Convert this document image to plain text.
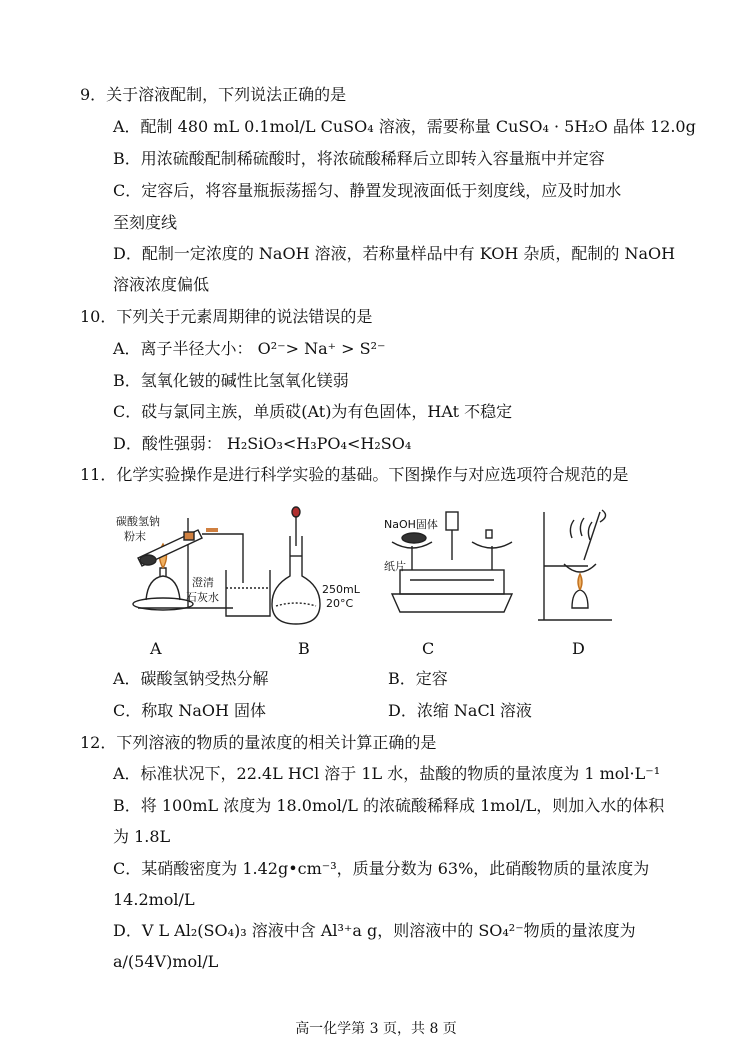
9．关于溶液配制，下列说法正确的是
A．配制 480 mL 0.1mol/L CuSO₄ 溶液，需要称量 CuSO₄ · 5H₂O 晶体 12.0g
B．用浓硫酸配制稀硫酸时，将浓硫酸稀释后立即转入容量瓶中并定容
C．定容后，将容量瓶振荡摇匀、静置发现液面低于刻度线，应及时加水
至刻度线
D．配制一定浓度的 NaOH 溶液，若称量样品中有 KOH 杂质，配制的 NaOH
溶液浓度偏低
10．下列关于元素周期律的说法错误的是
A．离子半径大小： O²⁻> Na⁺ > S²⁻
B．氢氧化铍的碱性比氢氧化镁弱
C．砹与氯同主族，单质砹(At)为有色固体，HAt 不稳定
D．酸性强弱： H₂SiO₃<H₃PO₄<H₂SO₄
11．化学实验操作是进行科学实验的基础。下图操作与对应选项符合规范的是
碳酸氢钠
粉末
澄清
石灰水
250mL
20°C
NaOH固体
纸片
A	B	C	D
A．碳酸氢钠受热分解	B．定容
C．称取 NaOH 固体	D．浓缩 NaCl 溶液
12．下列溶液的物质的量浓度的相关计算正确的是
A．标准状况下，22.4L HCl 溶于 1L 水，盐酸的物质的量浓度为 1 mol·L⁻¹
B．将 100mL 浓度为 18.0mol/L 的浓硫酸稀释成 1mol/L，则加入水的体积
为 1.8L
C．某硝酸密度为 1.42g•cm⁻³，质量分数为 63%，此硝酸物质的量浓度为
14.2mol/L
D．V L Al₂(SO₄)₃ 溶液中含 Al³⁺a g，则溶液中的 SO₄²⁻物质的量浓度为
a/(54V)mol/L
高一化学第 3 页，共 8 页
